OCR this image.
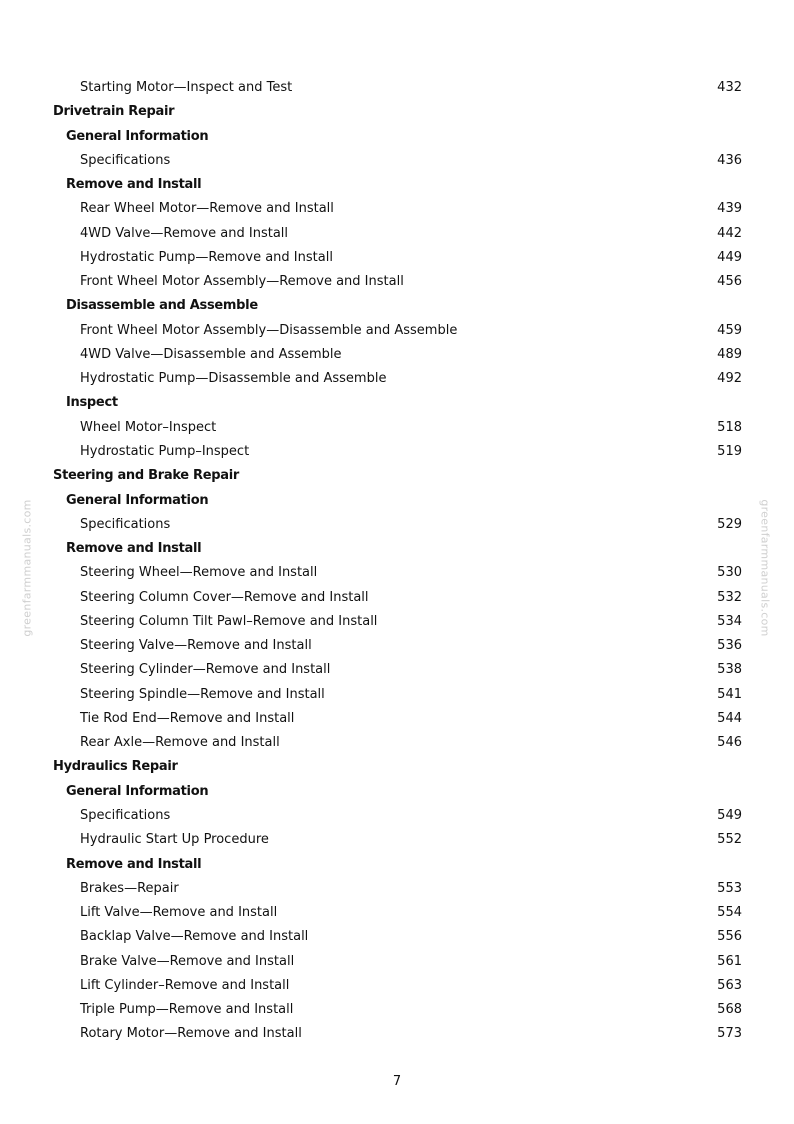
greenfarmmanuals.com	greenfarmmanuals.com
Starting Motor—Inspect and Test	432
Drivetrain Repair
General Information
Specifications	436
Remove and Install
Rear Wheel Motor—Remove and Install	439
4WD Valve—Remove and Install	442
Hydrostatic Pump—Remove and Install	449
Front Wheel Motor Assembly—Remove and Install	456
Disassemble and Assemble
Front Wheel Motor Assembly—Disassemble and Assemble	459
4WD Valve—Disassemble and Assemble	489
Hydrostatic Pump—Disassemble and Assemble	492
Inspect
Wheel Motor–Inspect	518
Hydrostatic Pump–Inspect	519
Steering and Brake Repair
General Information
Specifications	529
Remove and Install
Steering Wheel—Remove and Install	530
Steering Column Cover—Remove and Install	532
Steering Column Tilt Pawl–Remove and Install	534
Steering Valve—Remove and Install	536
Steering Cylinder—Remove and Install	538
Steering Spindle—Remove and Install	541
Tie Rod End—Remove and Install	544
Rear Axle—Remove and Install	546
Hydraulics Repair
General Information
Specifications	549
Hydraulic Start Up Procedure	552
Remove and Install
Brakes—Repair	553
Lift Valve—Remove and Install	554
Backlap Valve—Remove and Install	556
Brake Valve—Remove and Install	561
Lift Cylinder–Remove and Install	563
Triple Pump—Remove and Install	568
Rotary Motor—Remove and Install	573
7
